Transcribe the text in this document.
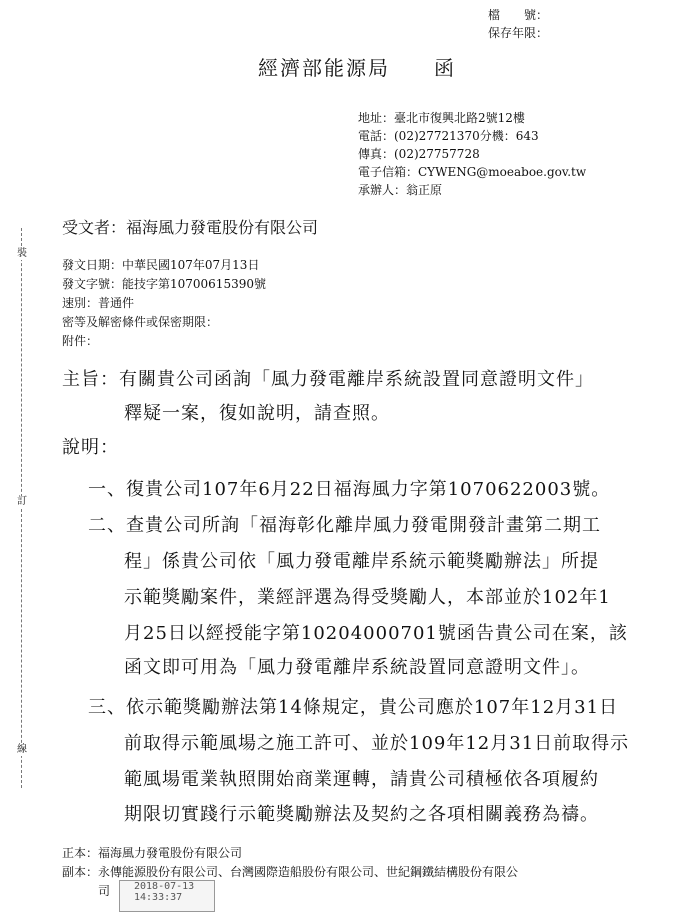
裝
訂
線
檔　　號：
保存年限：
經濟部能源局　　函
地址：臺北市復興北路2號12樓
電話：(02)27721370分機：643
傳真：(02)27757728
電子信箱：CYWENG@moeaboe.gov.tw
承辦人：翁正原
受文者：福海風力發電股份有限公司
發文日期：中華民國107年07月13日
發文字號：能技字第10700615390號
速別：普通件
密等及解密條件或保密期限：
附件：
主旨：有關貴公司函詢「風力發電離岸系統設置同意證明文件」
釋疑一案，復如說明，請查照。
說明：
一、復貴公司107年6月22日福海風力字第1070622003號。
二、查貴公司所詢「福海彰化離岸風力發電開發計畫第二期工
程」係貴公司依「風力發電離岸系統示範獎勵辦法」所提
示範獎勵案件，業經評選為得受獎勵人，本部並於102年1
月25日以經授能字第10204000701號函告貴公司在案，該
函文即可用為「風力發電離岸系統設置同意證明文件」。
三、依示範獎勵辦法第14條規定，貴公司應於107年12月31日
前取得示範風場之施工許可、並於109年12月31日前取得示
範風場電業執照開始商業運轉，請貴公司積極依各項履約
期限切實踐行示範獎勵辦法及契約之各項相關義務為禱。
正本：福海風力發電股份有限公司
副本：永傳能源股份有限公司、台灣國際造船股份有限公司、世紀鋼鐵結構股份有限公
司	2018-07-13
14:33:37
